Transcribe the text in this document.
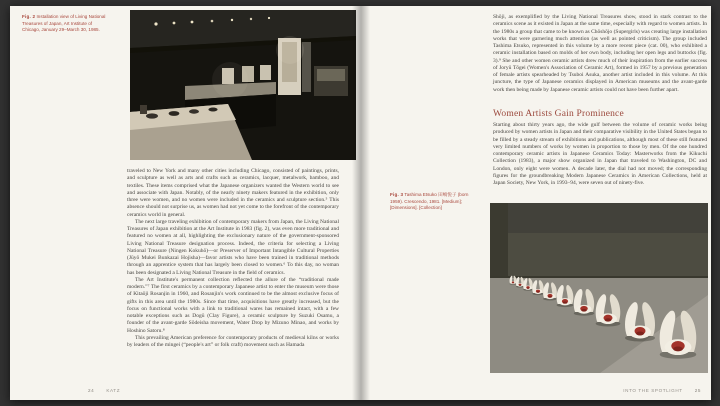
Fig. 2 Installation view of Living National Treasures of Japan, Art Institute of Chicago, January 29–March 30, 1985.

traveled to New York and many other cities including Chicago, consisted of paintings, prints, and sculpture as well as arts and crafts such as ceramics, lacquer, metalwork, bamboo, and textiles. These items comprised what the Japanese organizers wanted the Western world to see and associate with Japan. Notably, of the nearly ninety makers featured in the exhibition, only three were women, and no women were included in the ceramics and sculpture section.⁵ This absence should not surprise us, as women had not yet come to the forefront of the contemporary ceramics world in general.

The next large traveling exhibition of contemporary makers from Japan, the Living National Treasures of Japan exhibition at the Art Institute in 1983 (fig. 2), was even more traditional and featured no women at all, highlighting the exclusionary nature of the government-sponsored Living National Treasure designation process. Indeed, the criteria for selecting a Living National Treasure (Ningen Kokuhō)—or Preserver of Important Intangible Cultural Properties (Jūyō Mukei Bunkazai Hojisha)—favor artists who have been trained in traditional methods through an apprentice system that has largely been closed to women.⁶ To this day, no woman has been designated a Living National Treasure in the field of ceramics.

The Art Institute's permanent collection reflected the allure of the “traditional made modern.”⁷ The first ceramics by a contemporary Japanese artist to enter the museum were those of Kitaōji Rosanjin in 1960, and Rosanjin's work continued to be the almost exclusive focus of gifts in this area until the 1980s. Since that time, acquisitions have greatly increased, but the focus on functional works with a link to traditional wares has remained intact, with a few notable exceptions such as Dogū (Clay Figure), a ceramic sculpture by Suzuki Osamu, a founder of the avant-garde Sōdeisha movement, Water Drop by Mizuno Minao, and works by Hoshino Satoru.⁸

This prevailing American preference for contemporary products of medieval kilns or works by leaders of the mingei (“people's art” or folk craft) movement such as Hamada

24	KATZ

Shōji, as exemplified by the Living National Treasures show, stood in stark contrast to the ceramics scene as it existed in Japan at the same time, especially with regard to women artists. In the 1980s a group that came to be known as Chōshōjo (Supergirls) was creating large installation works that were garnering much attention (as well as pointed criticism). The group included Tashima Etsuko, represented in this volume by a more recent piece (cat. 00), who exhibited a ceramic installation based on molds of her own body, including her open legs and buttocks (fig. 3).⁹ She and other women ceramic artists drew much of their inspiration from the earlier success of Joryū Tōgei (Women's Association of Ceramic Art), formed in 1957 by a previous generation of female artists spearheaded by Tsuboi Asuka, another artist included in this volume. At this juncture, the type of Japanese ceramics displayed in American museums and the avant-garde work then being made by Japanese ceramic artists could not have been further apart.

Women Artists Gain Prominence

Starting about thirty years ago, the wide gulf between the volume of ceramic works being produced by women artists in Japan and their comparative visibility in the United States began to be filled by a steady stream of exhibitions and publications, although most of these still featured very limited numbers of works by women in proportion to those by men. Of the one hundred contemporary ceramic artists in Japanese Ceramics Today: Masterworks from the Kikuchi Collection (1983), a major show organized in Japan that traveled to Washington, DC and London, only eight were women. A decade later, the dial had not moved; the corresponding figures for the groundbreaking Modern Japanese Ceramics in American Collections, held at Japan Society, New York, in 1993–94, were seven out of ninety-five.

Fig. 3 Tashima Etsuko 田嶋悦子 (born 1959). Crescendo, 1981. [Medium]; [Dimensions]. [Collection]
INTO THE SPOTLIGHT	25
